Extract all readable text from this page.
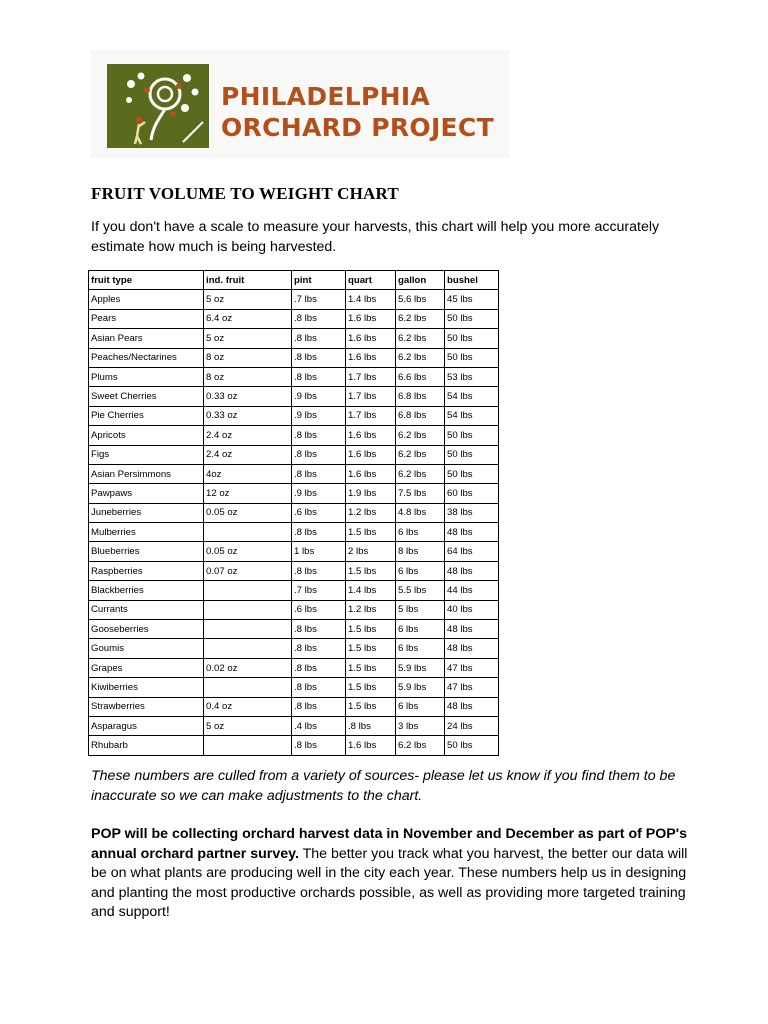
PHILADELPHIA
ORCHARD PROJECT
FRUIT VOLUME TO WEIGHT CHART

If you don't have a scale to measure your harvests, this chart will help you more accurately estimate how much is being harvested.

fruit type	ind. fruit	pint	quart	gallon	bushel
Apples	5 oz	.7 lbs	1.4 lbs	5.6 lbs	45 lbs
Pears	6.4 oz	.8 lbs	1.6 lbs	6.2 lbs	50 lbs
Asian Pears	5 oz	.8 lbs	1.6 lbs	6.2 lbs	50 lbs
Peaches/Nectarines	8 oz	.8 lbs	1.6 lbs	6.2 lbs	50 lbs
Plums	8 oz	.8 lbs	1.7 lbs	6.6 lbs	53 lbs
Sweet Cherries	0.33 oz	.9 lbs	1.7 lbs	6.8 lbs	54 lbs
Pie Cherries	0.33 oz	.9 lbs	1.7 lbs	6.8 lbs	54 lbs
Apricots	2.4 oz	.8 lbs	1.6 lbs	6.2 lbs	50 lbs
Figs	2.4 oz	.8 lbs	1.6 lbs	6.2 lbs	50 lbs
Asian Persimmons	4oz	.8 lbs	1.6 lbs	6.2 lbs	50 lbs
Pawpaws	12 oz	.9 lbs	1.9 lbs	7.5 lbs	60 lbs
Juneberries	0.05 oz	.6 lbs	1.2 lbs	4.8 lbs	38 lbs
Mulberries		.8 lbs	1.5 lbs	6 lbs	48 lbs
Blueberries	0.05 oz	1 lbs	2 lbs	8 lbs	64 lbs
Raspberries	0.07 oz	.8 lbs	1.5 lbs	6 lbs	48 lbs
Blackberries		.7 lbs	1.4 lbs	5.5 lbs	44 lbs
Currants		.6 lbs	1.2 lbs	5 lbs	40 lbs
Gooseberries		.8 lbs	1.5 lbs	6 lbs	48 lbs
Goumis		.8 lbs	1.5 lbs	6 lbs	48 lbs
Grapes	0.02 oz	.8 lbs	1.5 lbs	5.9 lbs	47 lbs
Kiwiberries		.8 lbs	1.5 lbs	5.9 lbs	47 lbs
Strawberries	0.4 oz	.8 lbs	1.5 lbs	6 lbs	48 lbs
Asparagus	5 oz	.4 lbs	.8 lbs	3 lbs	24 lbs
Rhubarb		.8 lbs	1.6 lbs	6.2 lbs	50 lbs

These numbers are culled from a variety of sources- please let us know if you find them to be inaccurate so we can make adjustments to the chart.

POP will be collecting orchard harvest data in November and December as part of POP's annual orchard partner survey. The better you track what you harvest, the better our data will be on what plants are producing well in the city each year. These numbers help us in designing and planting the most productive orchards possible, as well as providing more targeted training and support!
